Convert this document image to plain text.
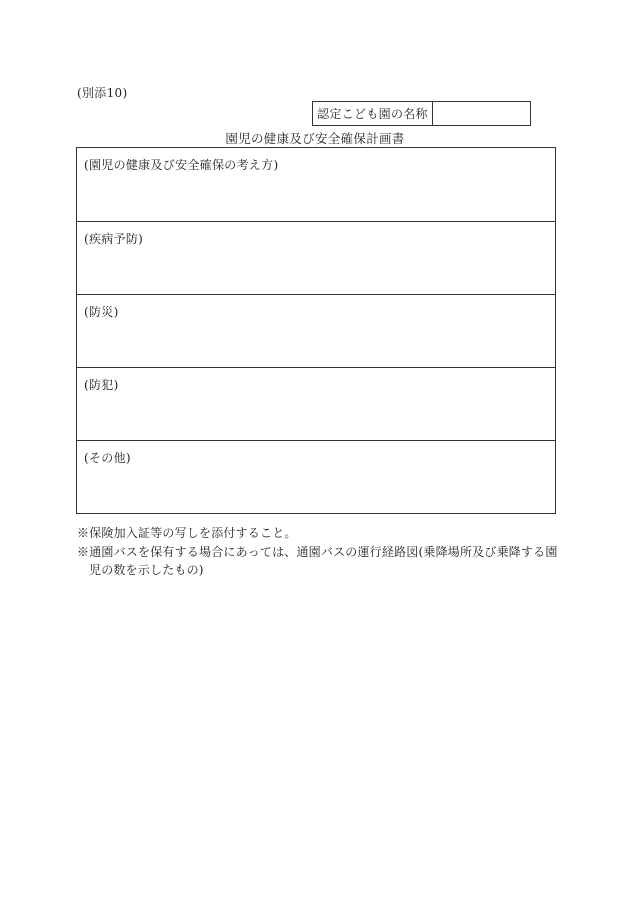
(別添10)
認定こども園の名称
園児の健康及び安全確保計画書
(園児の健康及び安全確保の考え方)
(疾病予防)
(防災)
(防犯)
(その他)

※保険加入証等の写しを添付すること。

※通園バスを保有する場合にあっては、通園バスの運行経路図(乗降場所及び乗降する園児の数を示したもの)
